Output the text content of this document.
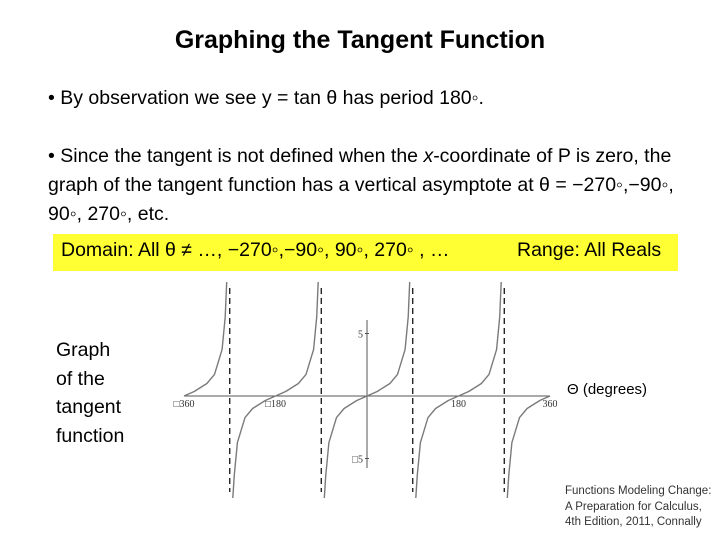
Graphing the Tangent Function
• By observation we see y = tan θ has period 180◦.
• Since the tangent is not defined when the x-coordinate of P is zero, the graph of the tangent function has a vertical asymptote at θ = −270◦,−90◦, 90◦, 270◦, etc.
Domain: All θ ≠ …, −270◦,−90◦, 90◦, 270◦ , …	Range: All Reals
Graph
of the
tangent
function
□360	□180	180	360
5
□5
Θ (degrees)
Functions Modeling Change:
A Preparation for Calculus,
4th Edition, 2011, Connally
